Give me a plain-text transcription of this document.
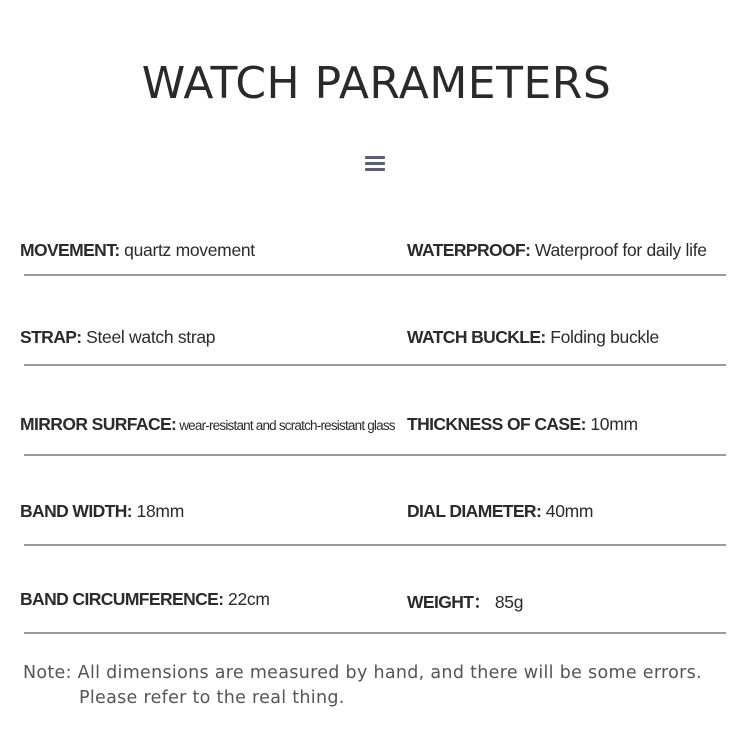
WATCH PARAMETERS
MOVEMENT: quartz movement	WATERPROOF: Waterproof for daily life
STRAP: Steel watch strap	WATCH BUCKLE: Folding buckle
MIRROR SURFACE: wear-resistant and scratch-resistant glass THICKNESS OF CASE: 10mm
BAND WIDTH: 18mm	DIAL DIAMETER: 40mm
BAND CIRCUMFERENCE: 22cm	WEIGHT： 85g
Note: All dimensions are measured by hand, and there will be some errors.
Please refer to the real thing.
